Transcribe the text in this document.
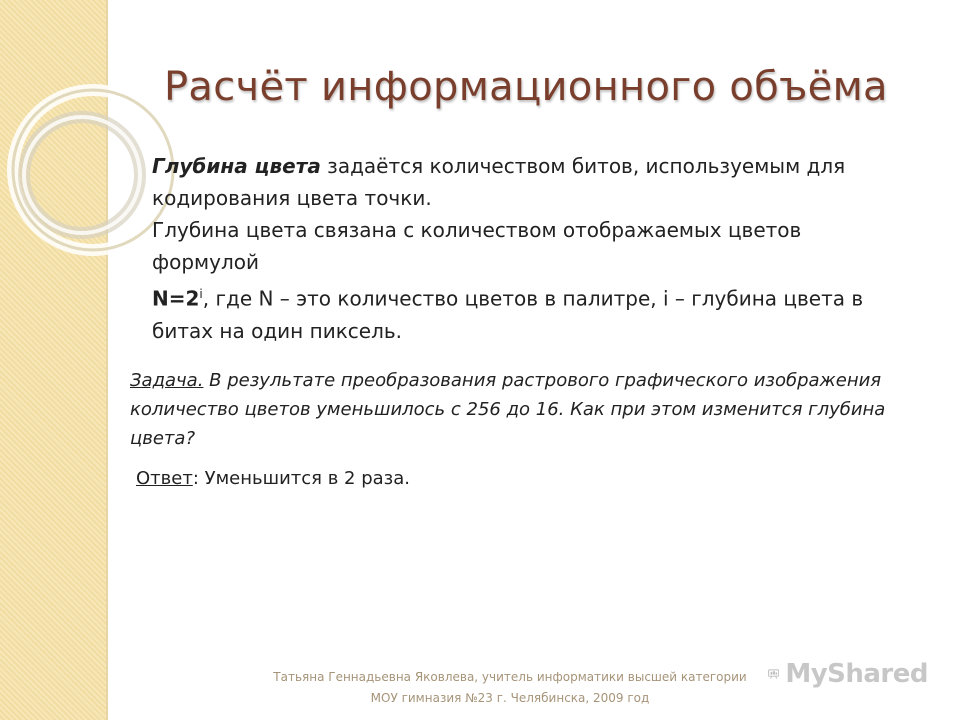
Расчёт информационного объёма

Глубина цвета задаётся количеством битов, используемым для кодирования цвета точки.

Глубина цвета связана с количеством отображаемых цветов формулой

$N=2^i$, где N – это количество цветов в палитре, i – глубина цвета в битах на один пиксель.

Задача. В результате преобразования растрового графического изображения количество цветов уменьшилось с 256 до 16. Как при этом изменится глубина цвета?
Ответ: Уменьшится в 2 раза.
Татьяна Геннадьевна Яковлева, учитель информатики высшей категории
МОУ гимназия №23 г. Челябинска, 2009 год
MyShared
